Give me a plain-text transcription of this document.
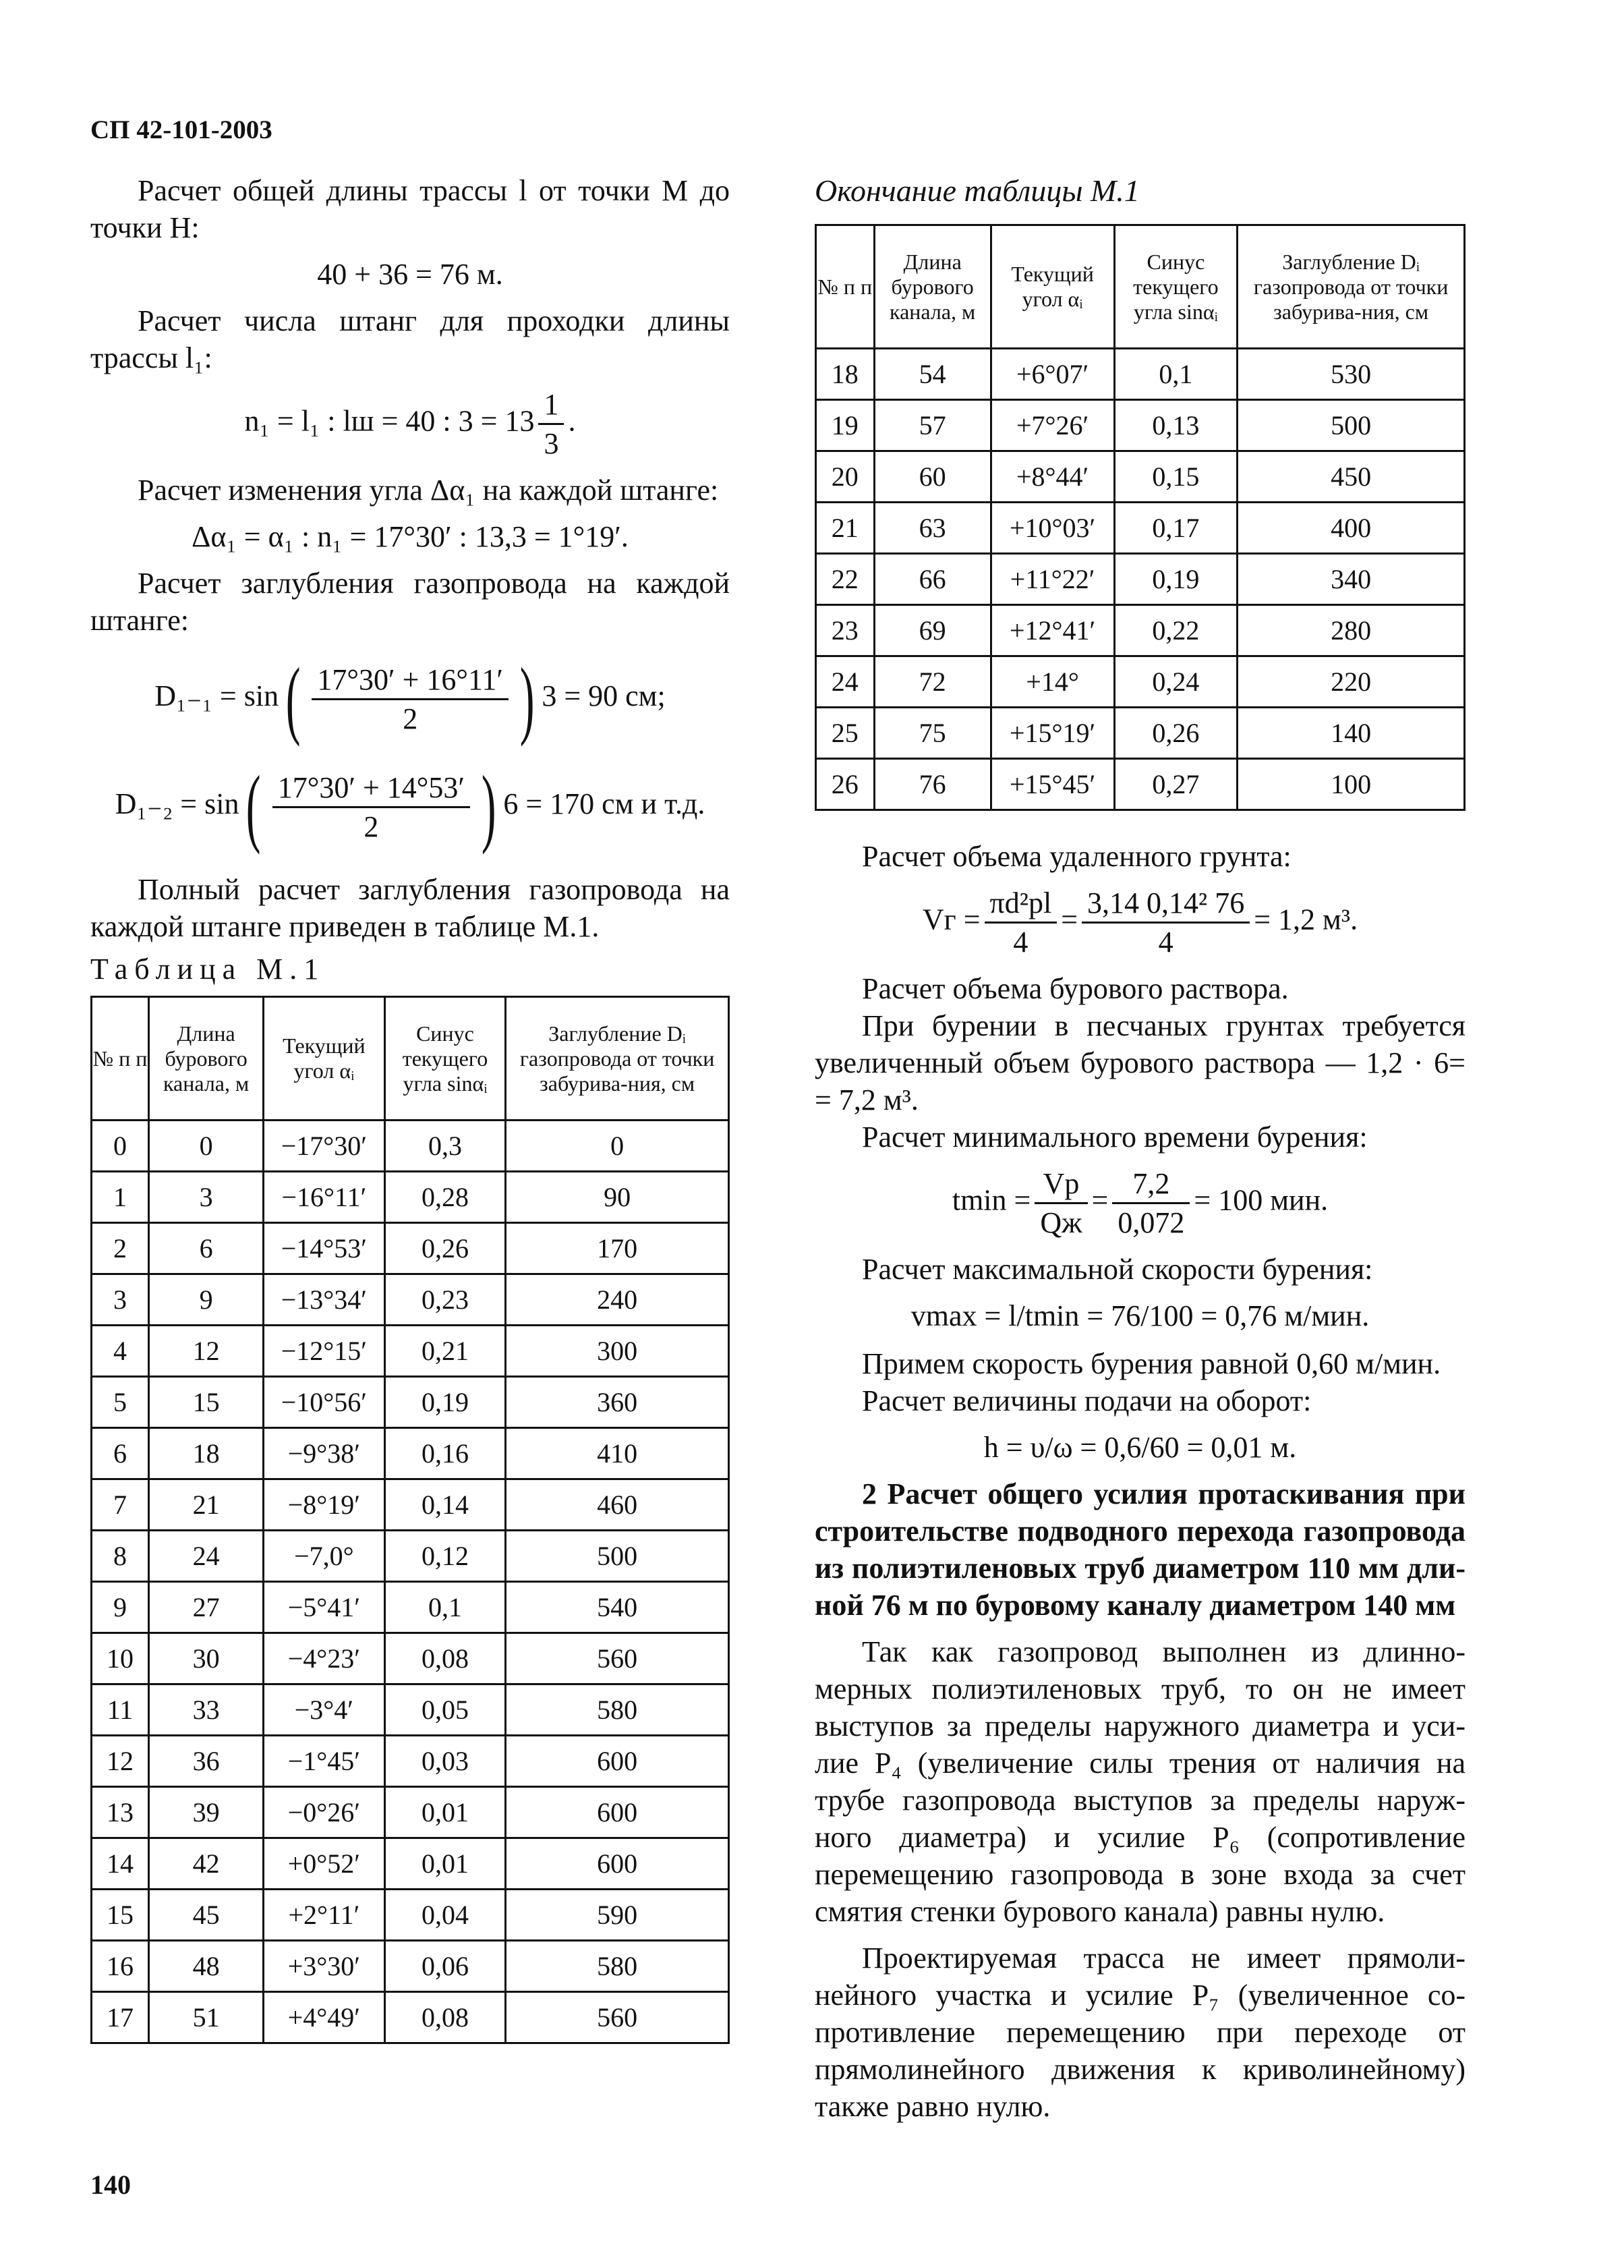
СП 42-101-2003

Расчет общей длины трассы l от точки M до точки H:

40 + 36 = 76 м.

Расчет числа штанг для проходки длины трассы l₁:

n₁ = l₁ : lш = 40 : $3 = 13 \frac{1}{3}$ .

Расчет изменения угла Δα₁ на каждой штанге:

Δα₁ = α₁ : n₁ = 17°30′ : 13,3 = 1°19′.

Расчет заглубления газопровода на каждой штанге:

$D_{1-1} = \sin( \frac{17^\circ 30' + 16^\circ 11'}{2}$ ) 3 = 90 см;

$D_{1-2} = \sin( \frac{17^\circ 30' + 14^\circ 53'}{2}$ ) 6 = 170 см и т.д.

Полный расчет заглубления газопровода на каждой штанге приведен в таблице М.1.

Таблица М.1

№ п п	Длина бурового канала, м	Текущий угол αᵢ	Синус текущего угла sinαᵢ	Заглубление Dᵢ газопровода от точки забурива-ния, см
0	0	−17°30′	0,3	0
1	3	−16°11′	0,28	90
2	6	−14°53′	0,26	170
3	9	−13°34′	0,23	240
4	12	−12°15′	0,21	300
5	15	−10°56′	0,19	360
6	18	−9°38′	0,16	410
7	21	−8°19′	0,14	460
8	24	−7,0°	0,12	500
9	27	−5°41′	0,1	540
10	30	−4°23′	0,08	560
11	33	−3°4′	0,05	580
12	36	−1°45′	0,03	600
13	39	−0°26′	0,01	600
14	42	+0°52′	0,01	600
15	45	+2°11′	0,04	590
16	48	+3°30′	0,06	580
17	51	+4°49′	0,08	560

Окончание таблицы М.1

№ п п	Длина бурового канала, м	Текущий угол αᵢ	Синус текущего угла sinαᵢ	Заглубление Dᵢ газопровода от точки забурива-ния, см
18	54	+6°07′	0,1	530
19	57	+7°26′	0,13	500
20	60	+8°44′	0,15	450
21	63	+10°03′	0,17	400
22	66	+11°22′	0,19	340
23	69	+12°41′	0,22	280
24	72	+14°	0,24	220
25	75	+15°19′	0,26	140
26	76	+15°45′	0,27	100

Расчет объема удаленного грунта:

Vг = $\frac{\text{πd²рl}}{4} = \frac{\text{3,14 0,14² 76}}{4} = 1,2$ м³.

Расчет объема бурового раствора.

При бурении в песчаных грунтах требуется увеличенный объем бурового раствора — 1,2 · 6= = 7,2 м³.

Расчет минимального времени бурения:

$tmin = \frac{Vр}{Qж} = \frac{7,2}{0,072} = 100$ мин.

Расчет максимальной скорости бурения:

vmax = l/tmin = 76/100 = 0,76 м/мин.

Примем скорость бурения равной 0,60 м/мин.

Расчет величины подачи на оборот:

h = υ/ω = 0,6/60 = 0,01 м.

2 Расчет общего усилия протаскивания при строительстве подводного перехода газопровода из полиэтиленовых труб диаметром 110 мм дли-ной 76 м по буровому каналу диаметром 140 мм

Так как газопровод выполнен из длинно-мерных полиэтиленовых труб, то он не имеет выступов за пределы наружного диаметра и уси-лие P₄ (увеличение силы трения от наличия на трубе газопровода выступов за пределы наруж-ного диаметра) и усилие P₆ (сопротивление перемещению газопровода в зоне входа за счет смятия стенки бурового канала) равны нулю.

Проектируемая трасса не имеет прямоли-нейного участка и усилие P₇ (увеличенное со-противление перемещению при переходе от прямолинейного движения к криволинейному) также равно нулю.

140
